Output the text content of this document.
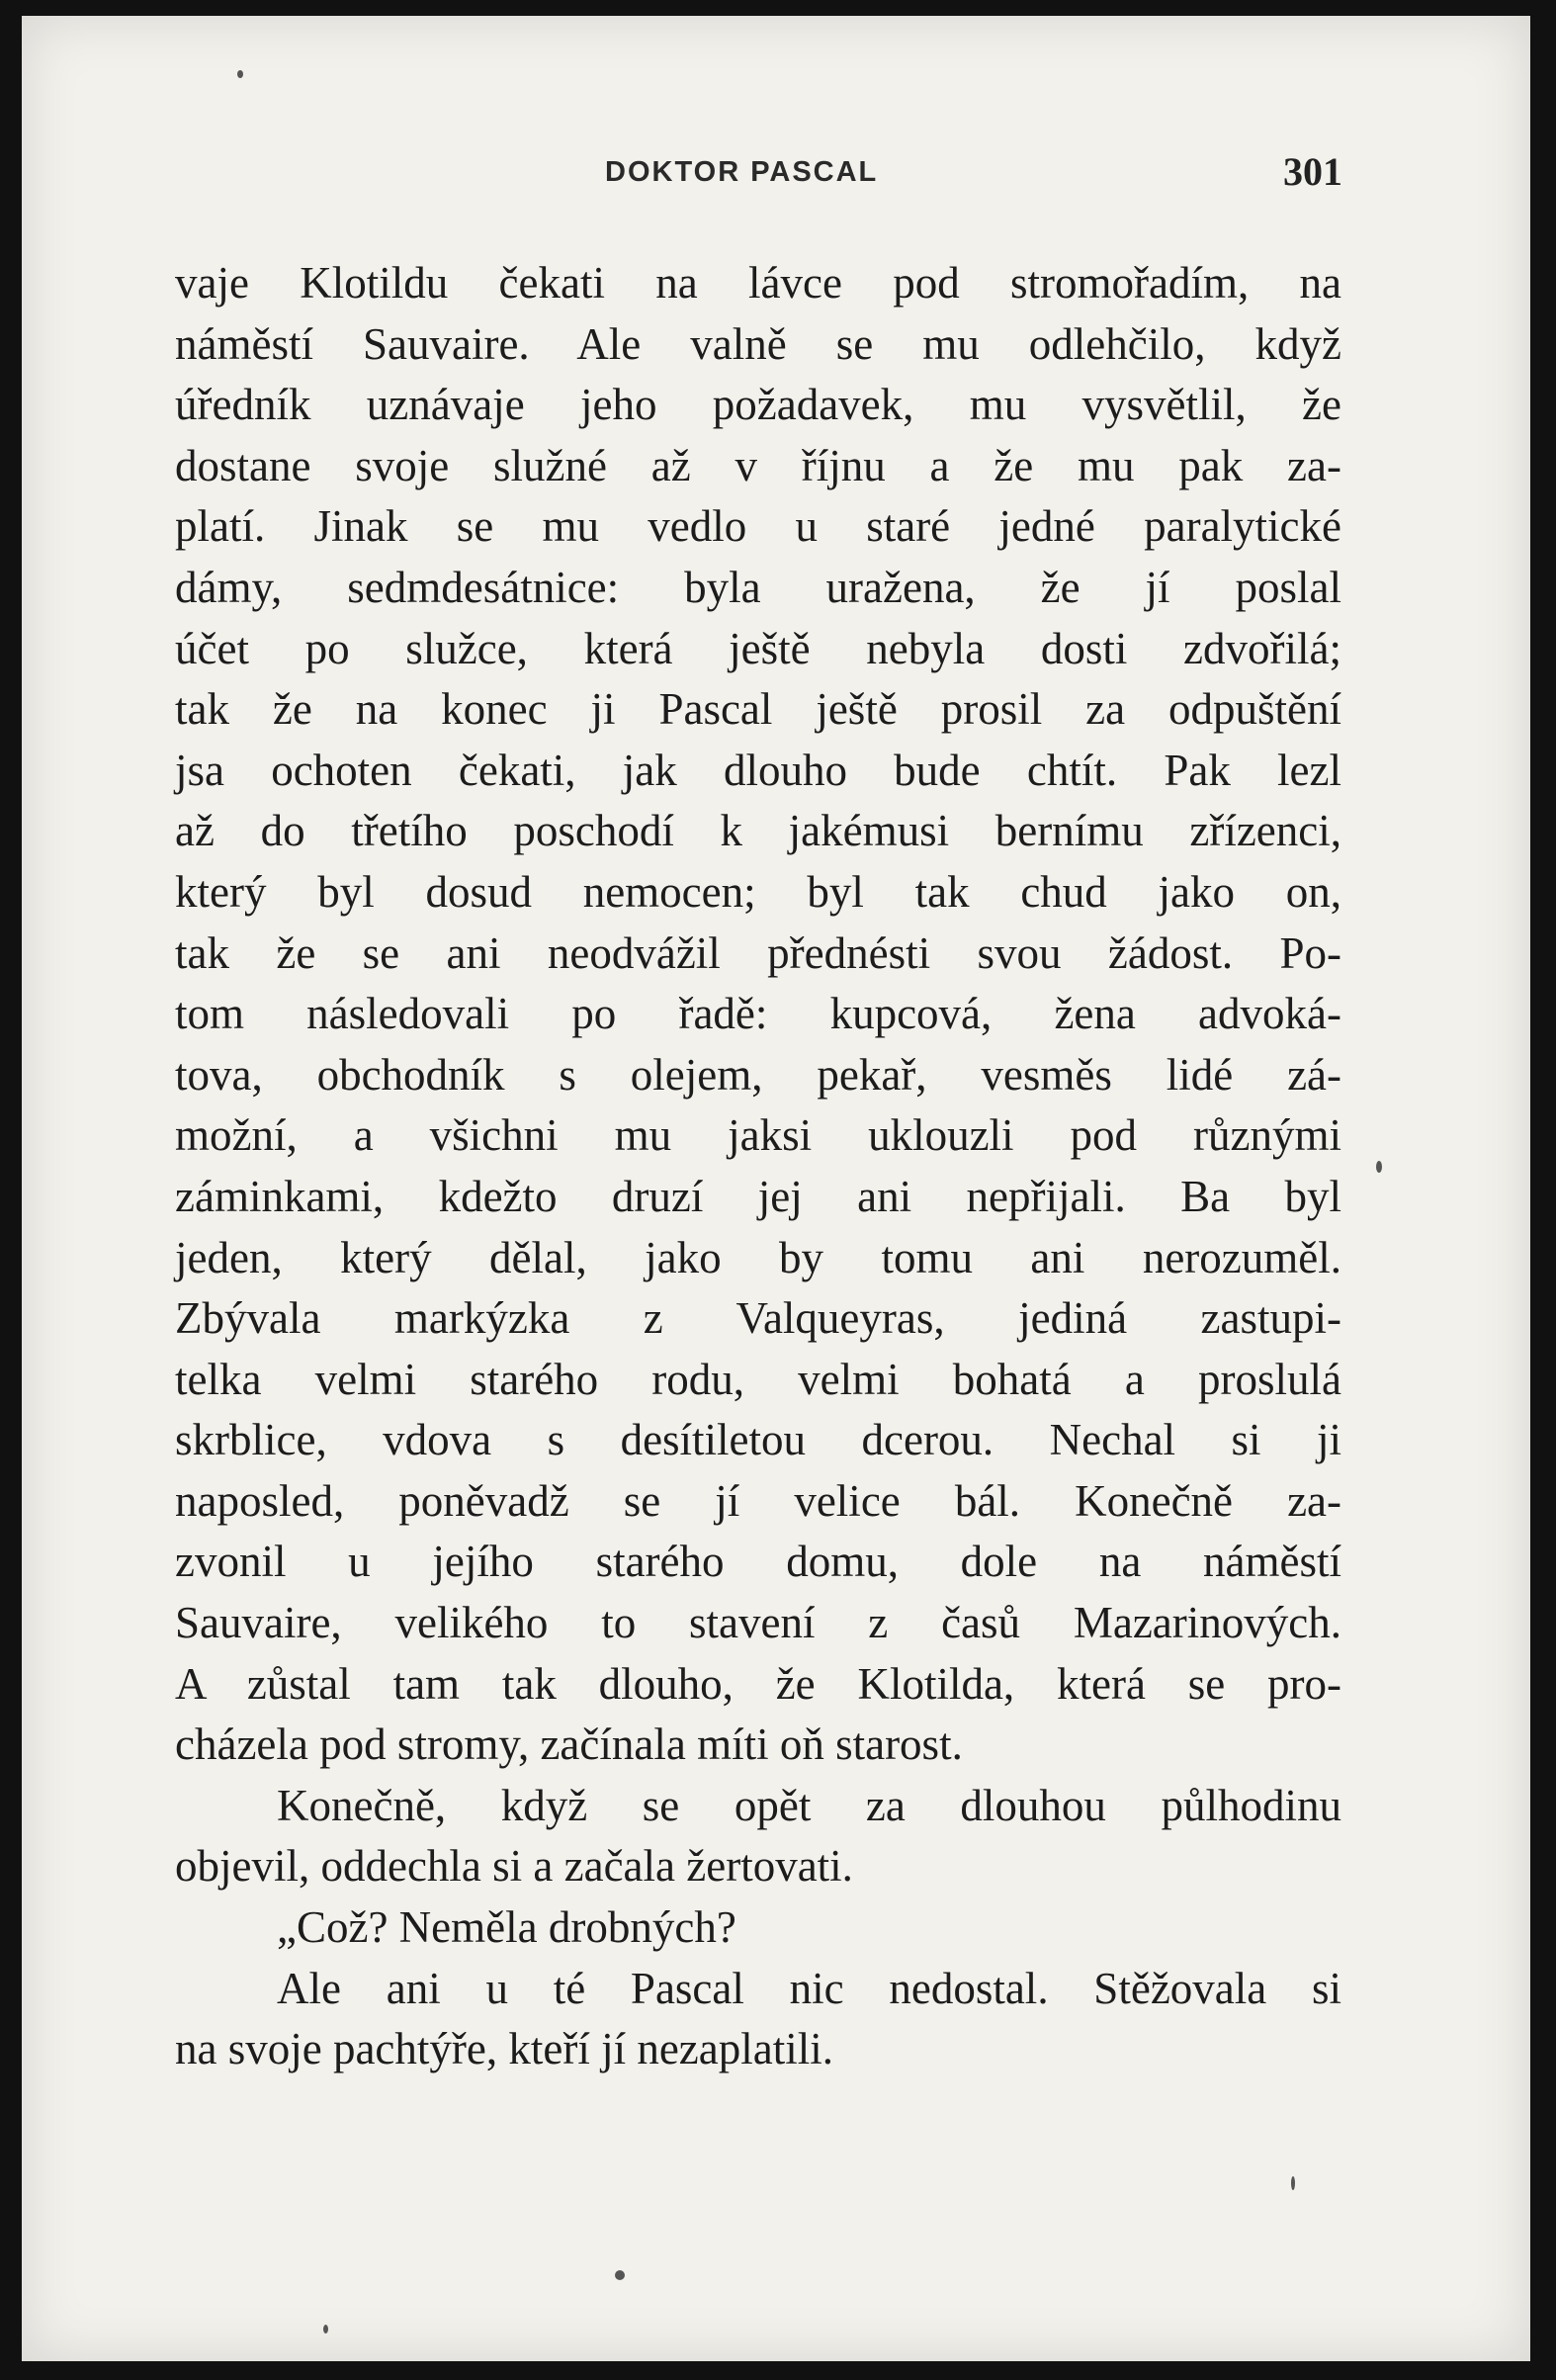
DOKTOR PASCAL	301
vaje Klotildu čekati na lávce pod stromořadím, na
náměstí Sauvaire. Ale valně se mu odlehčilo, když
úředník uznávaje jeho požadavek, mu vysvětlil, že
dostane svoje služné až v říjnu a že mu pak za-
platí. Jinak se mu vedlo u staré jedné paralytické
dámy, sedmdesátnice: byla uražena, že jí poslal
účet po služce, která ještě nebyla dosti zdvořilá;
tak že na konec ji Pascal ještě prosil za odpuštění
jsa ochoten čekati, jak dlouho bude chtít. Pak lezl
až do třetího poschodí k jakémusi bernímu zřízenci,
který byl dosud nemocen; byl tak chud jako on,
tak že se ani neodvážil přednésti svou žádost. Po-
tom následovali po řadě: kupcová, žena advoká-
tova, obchodník s olejem, pekař, vesměs lidé zá-
možní, a všichni mu jaksi uklouzli pod různými
záminkami, kdežto druzí jej ani nepřijali. Ba byl
jeden, který dělal, jako by tomu ani nerozuměl.
Zbývala markýzka z Valqueyras, jediná zastupi-
telka velmi starého rodu, velmi bohatá a proslulá
skrblice, vdova s desítiletou dcerou. Nechal si ji
naposled, poněvadž se jí velice bál. Konečně za-
zvonil u jejího starého domu, dole na náměstí
Sauvaire, velikého to stavení z časů Mazarinových.
A zůstal tam tak dlouho, že Klotilda, která se pro-
cházela pod stromy, začínala míti oň starost.
Konečně, když se opět za dlouhou půlhodinu
objevil, oddechla si a začala žertovati.
„Což? Neměla drobných?
Ale ani u té Pascal nic nedostal. Stěžovala si
na svoje pachtýře, kteří jí nezaplatili.
